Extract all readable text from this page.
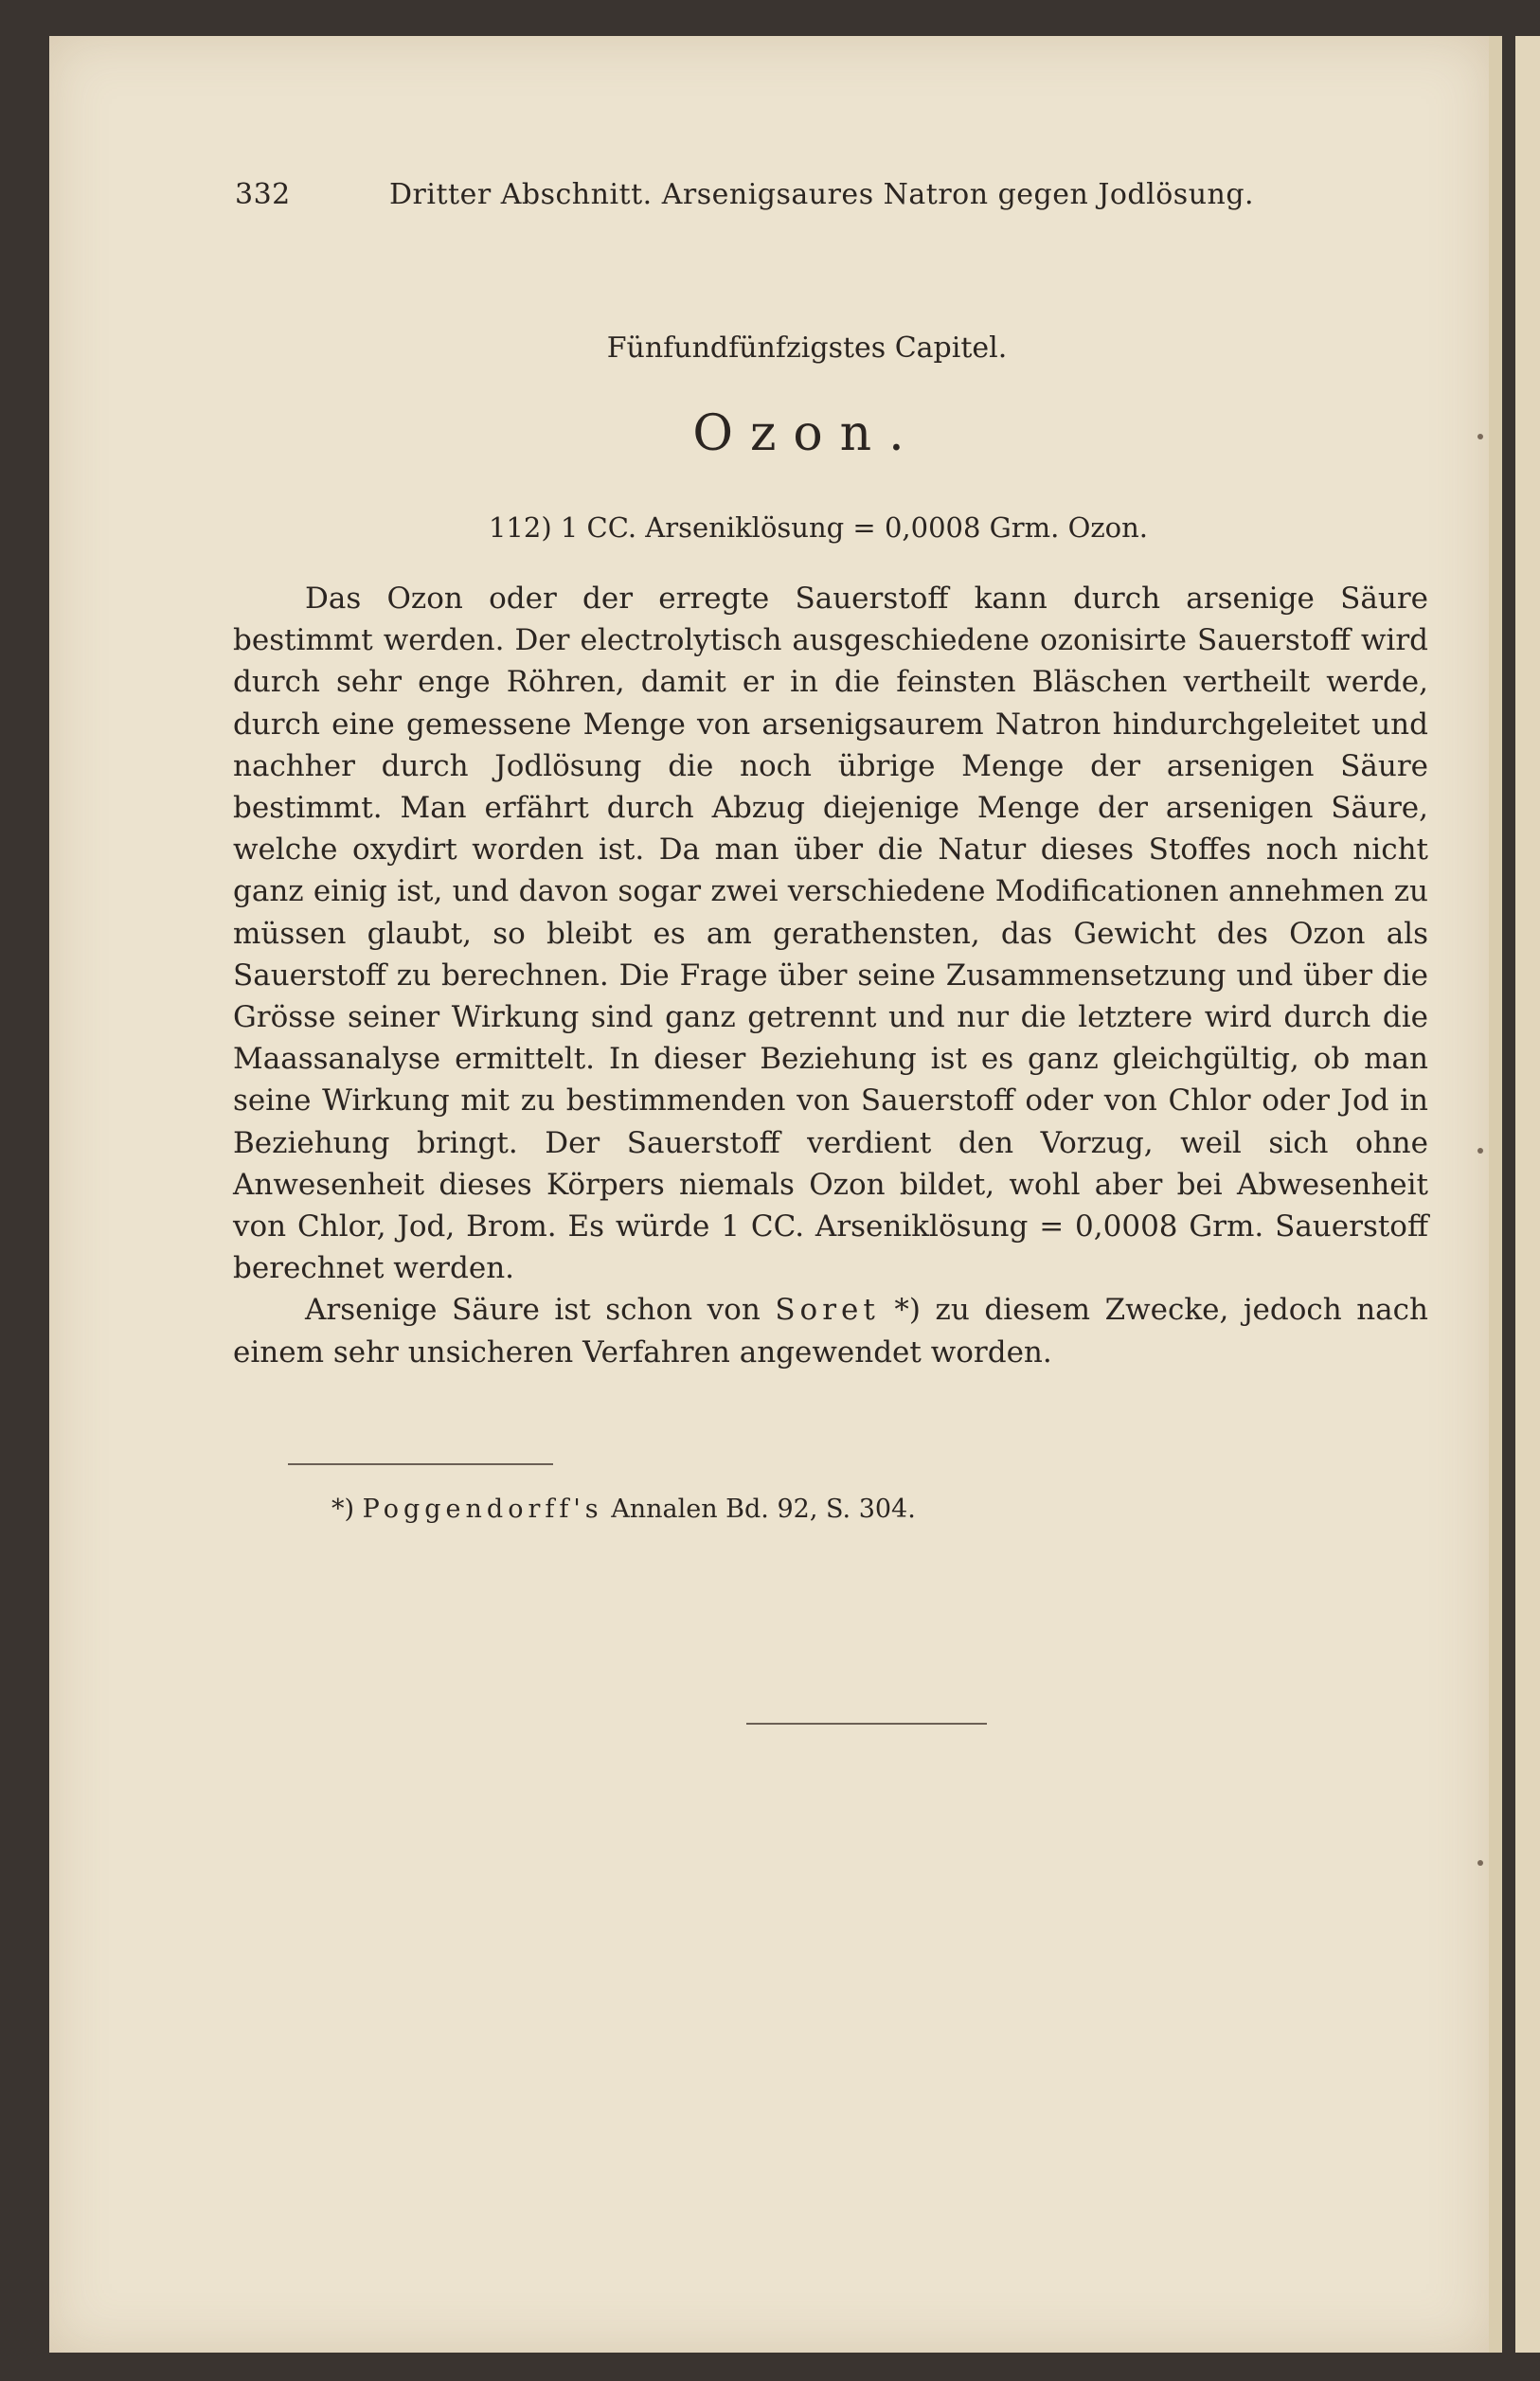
332	Dritter Abschnitt. Arsenigsaures Natron gegen Jodlösung.
Fünfundfünfzigstes Capitel.
Ozon.
112) 1 CC. Arseniklösung = 0,0008 Grm. Ozon.

Das Ozon oder der erregte Sauerstoff kann durch arsenige Säure bestimmt werden. Der electrolytisch ausgeschiedene ozonisirte Sauerstoff wird durch sehr enge Röhren, damit er in die feinsten Bläschen vertheilt werde, durch eine gemessene Menge von arsenigsaurem Natron hindurchgeleitet und nachher durch Jodlösung die noch übrige Menge der arsenigen Säure bestimmt. Man erfährt durch Abzug diejenige Menge der arsenigen Säure, welche oxydirt worden ist. Da man über die Natur dieses Stoffes noch nicht ganz einig ist, und davon sogar zwei verschiedene Modificationen annehmen zu müssen glaubt, so bleibt es am gerathensten, das Gewicht des Ozon als Sauerstoff zu berechnen. Die Frage über seine Zusammensetzung und über die Grösse seiner Wirkung sind ganz getrennt und nur die letztere wird durch die Maassanalyse ermittelt. In dieser Beziehung ist es ganz gleichgültig, ob man seine Wirkung mit zu bestimmenden von Sauerstoff oder von Chlor oder Jod in Beziehung bringt. Der Sauerstoff verdient den Vorzug, weil sich ohne Anwesenheit dieses Körpers niemals Ozon bildet, wohl aber bei Abwesenheit von Chlor, Jod, Brom. Es würde 1 CC. Arseniklösung = 0,0008 Grm. Sauerstoff berechnet werden.

Arsenige Säure ist schon von Soret *) zu diesem Zwecke, jedoch nach einem sehr unsicheren Verfahren angewendet worden.

*) Poggendorff's Annalen Bd. 92, S. 304.
